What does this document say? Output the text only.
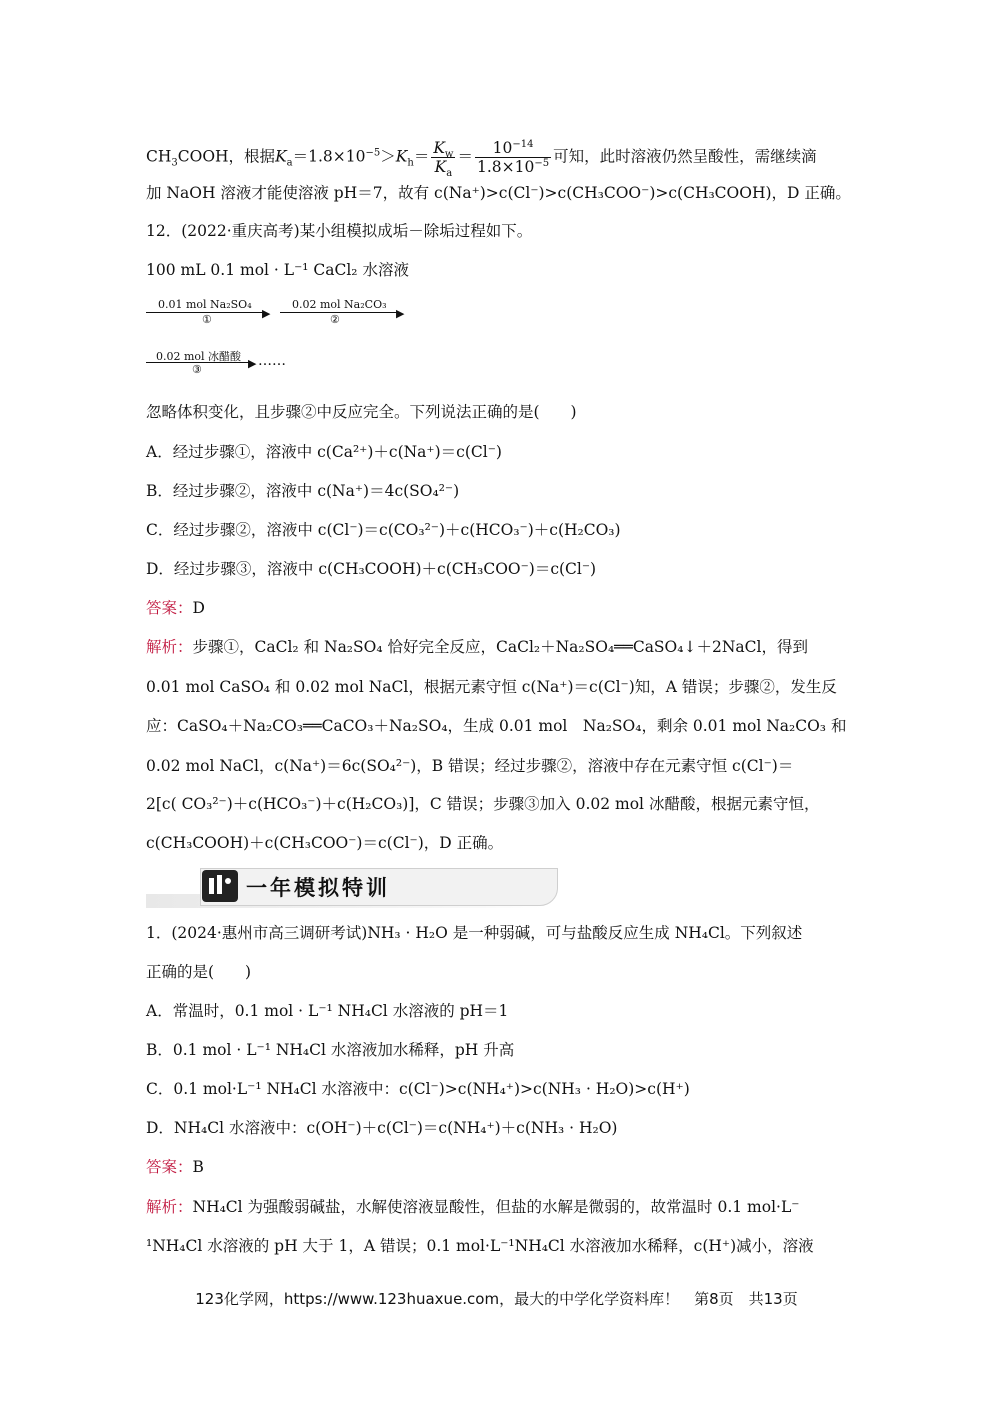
$CH_3COOH$，根据$K_a=1.8\times 10^{-5}>K_h= \frac{K_w}{K_a} = \frac{10^{-14}}{1.8\times 10^{-5}}$ 可知，此时溶液仍然呈酸性，需继续滴
加 NaOH 溶液才能使溶液 pH＝7，故有 c(Na⁺)>c(Cl⁻)>c(CH₃COO⁻)>c(CH₃COOH)，D 正确。
12．(2022·重庆高考)某小组模拟成垢－除垢过程如下。
100 mL 0.1 mol · L⁻¹ CaCl₂ 水溶液
0.01 mol Na₂SO₄
▶
①
0.02 mol Na₂CO₃
▶
②
0.02 mol 冰醋酸
▶
③
……
忽略体积变化，且步骤②中反应完全。下列说法正确的是(　　)
A．经过步骤①，溶液中 c(Ca²⁺)＋c(Na⁺)＝c(Cl⁻)
B．经过步骤②，溶液中 c(Na⁺)＝4c(SO₄²⁻)
C．经过步骤②，溶液中 c(Cl⁻)＝c(CO₃²⁻)＋c(HCO₃⁻)＋c(H₂CO₃)
D．经过步骤③，溶液中 c(CH₃COOH)＋c(CH₃COO⁻)＝c(Cl⁻)
答案：D
解析：步骤①，CaCl₂ 和 Na₂SO₄ 恰好完全反应，CaCl₂＋Na₂SO₄══CaSO₄↓＋2NaCl，得到
0.01 mol CaSO₄ 和 0.02 mol NaCl，根据元素守恒 c(Na⁺)＝c(Cl⁻)知，A 错误；步骤②，发生反
应：CaSO₄＋Na₂CO₃══CaCO₃＋Na₂SO₄，生成 0.01 mol　Na₂SO₄，剩余 0.01 mol Na₂CO₃ 和
0.02 mol NaCl，c(Na⁺)＝6c(SO₄²⁻)，B 错误；经过步骤②，溶液中存在元素守恒 c(Cl⁻)＝
2[c( CO₃²⁻)＋c(HCO₃⁻)＋c(H₂CO₃)]，C 错误；步骤③加入 0.02 mol 冰醋酸，根据元素守恒，
c(CH₃COOH)＋c(CH₃COO⁻)＝c(Cl⁻)，D 正确。
一年模拟特训
1．(2024·惠州市高三调研考试)NH₃ · H₂O 是一种弱碱，可与盐酸反应生成 NH₄Cl。下列叙述
正确的是(　　)
A．常温时，0.1 mol · L⁻¹ NH₄Cl 水溶液的 pH＝1
B．0.1 mol · L⁻¹ NH₄Cl 水溶液加水稀释，pH 升高
C．0.1 mol·L⁻¹ NH₄Cl 水溶液中：c(Cl⁻)>c(NH₄⁺)>c(NH₃ · H₂O)>c(H⁺)
D．NH₄Cl 水溶液中：c(OH⁻)＋c(Cl⁻)＝c(NH₄⁺)＋c(NH₃ · H₂O)
答案：B
解析：NH₄Cl 为强酸弱碱盐，水解使溶液显酸性，但盐的水解是微弱的，故常温时 0.1 mol·L⁻
¹NH₄Cl 水溶液的 pH 大于 1，A 错误；0.1 mol·L⁻¹NH₄Cl 水溶液加水稀释，c(H⁺)减小，溶液
123化学网，https://www.123huaxue.com，最大的中学化学资料库！　第8页　共13页
